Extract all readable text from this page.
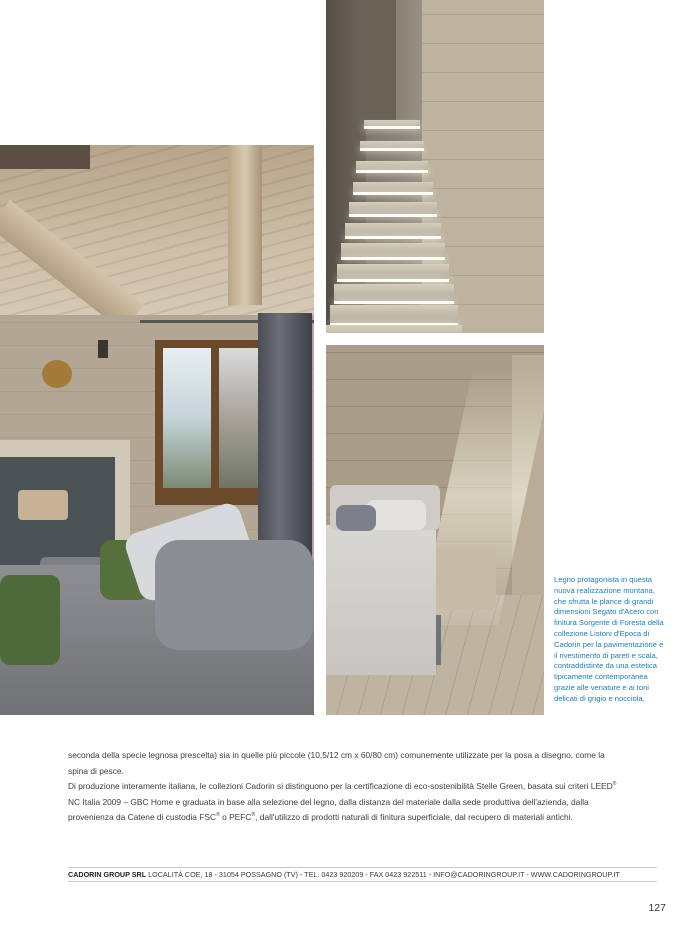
Legno protagonista in questa nuova realizzazione montana, che sfrutta le plance di grandi dimensioni Segato d'Acero con finitura Sorgente di Foresta della collezione Listoni d'Epoca di Cadorin per la pavimentazione e il rivestimento di pareti e scala, contraddistinte da una estetica tipicamente contemporanea grazie alle venature e ai toni delicati di grigio e nocciola.

seconda della specie legnosa prescelta) sia in quelle più piccole (10,5/12 cm x 60/80 cm) comunemente utilizzate per la posa a disegno, come la spina di pesce.

Di produzione interamente italiana, le collezioni Cadorin si distinguono per la certificazione di eco-sostenibilità Stelle Green, basata sui criteri LEED® NC Italia 2009 – GBC Home e graduata in base alla selezione del legno, dalla distanza del materiale dalla sede produttiva dell'azienda, dalla provenienza da Catene di custodia FSC® o PEFC®, dall'utilizzo di prodotti naturali di finitura superficiale, dal recupero di materiali antichi.

CADORIN GROUP SRL LOCALITÀ COE, 18 - 31054 POSSAGNO (TV) - TEL. 0423 920209 - FAX 0423 922511 - INFO@CADORINGROUP.IT - WWW.CADORINGROUP.IT
127
